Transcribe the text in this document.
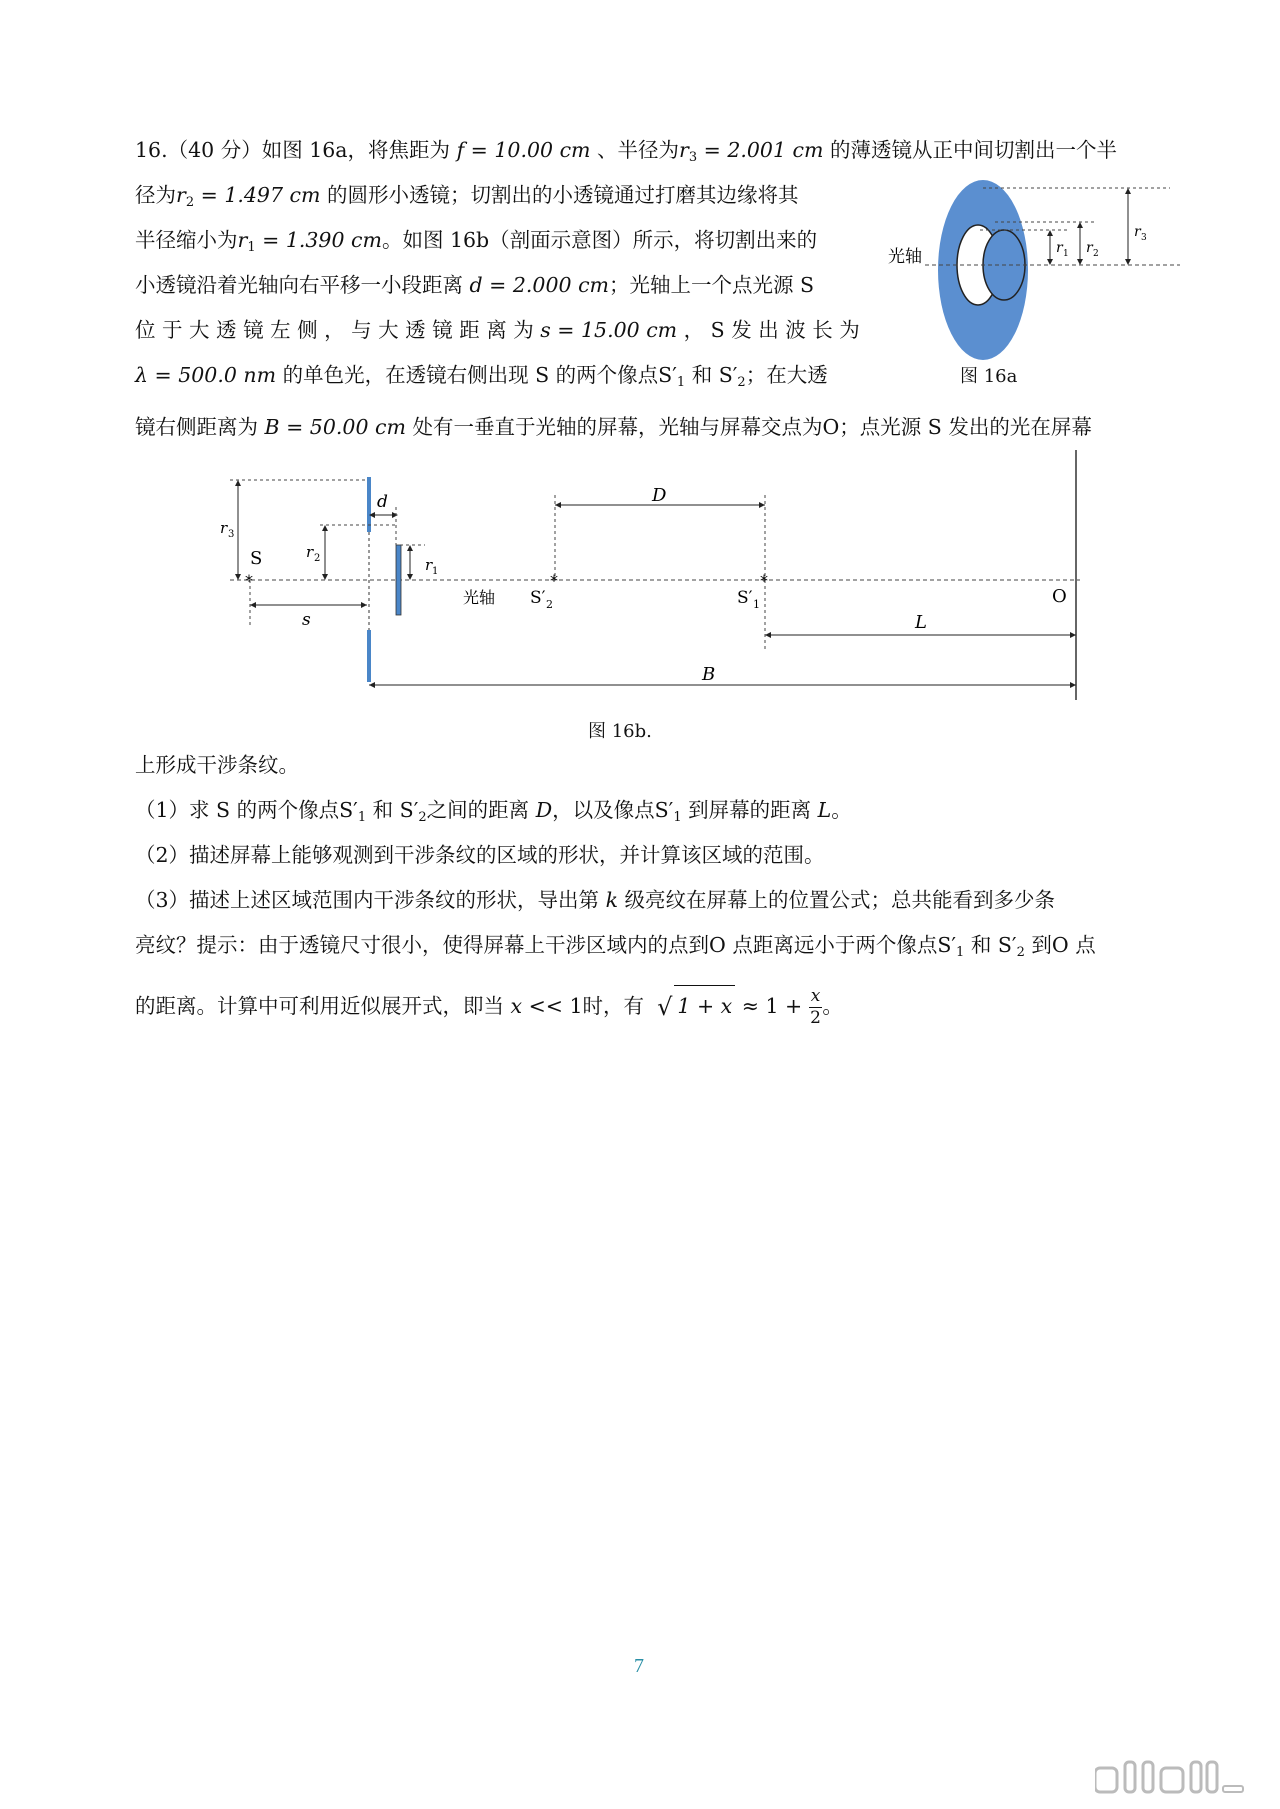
16.（40 分）如图 16a，将焦距为 f = 10.00 cm 、半径为$r_3 = 2.001$ cm 的薄透镜从正中间切割出一个半
径为$r_2 = 1.497$ cm 的圆形小透镜；切割出的小透镜通过打磨其边缘将其
半径缩小为$r_1 = 1.390$ cm。如图 16b（剖面示意图）所示，将切割出来的
小透镜沿着光轴向右平移一小段距离 d = 2.000 cm；光轴上一个点光源 S
位 于 大 透 镜 左 侧 ， 与 大 透 镜 距 离 为 s = 15.00 cm ， S 发 出 波 长 为
λ = 500.0 nm 的单色光，在透镜右侧出现 S 的两个像点$S'_1$ 和 $S'_2$；在大透
镜右侧距离为 B = 50.00 cm 处有一垂直于光轴的屏幕，光轴与屏幕交点为O；点光源 S 发出的光在屏幕
r 1 r 2
r 3
光轴
图 16a
*	*	*
S
r 3
r 2	r 1
d
s
光轴 S′ 2	S′ 1
D
L
B
O
图 16b.
上形成干涉条纹。
（1）求 S 的两个像点$S'_1$ 和 $S'_2$之间的距离 D，以及像点$S'_1$ 到屏幕的距离 L。
（2）描述屏幕上能够观测到干涉条纹的区域的形状，并计算该区域的范围。
（3）描述上述区域范围内干涉条纹的形状，导出第 k 级亮纹在屏幕上的位置公式；总共能看到多少条
亮纹？提示：由于透镜尺寸很小，使得屏幕上干涉区域内的点到O 点距离远小于两个像点$S'_1$ 和 $S'_2$ 到O 点
的距离。计算中可利用近似展开式，即当 x << 1时，有 √ $1 + x \approx 1 + \frac{x}{2}$ 。
7
